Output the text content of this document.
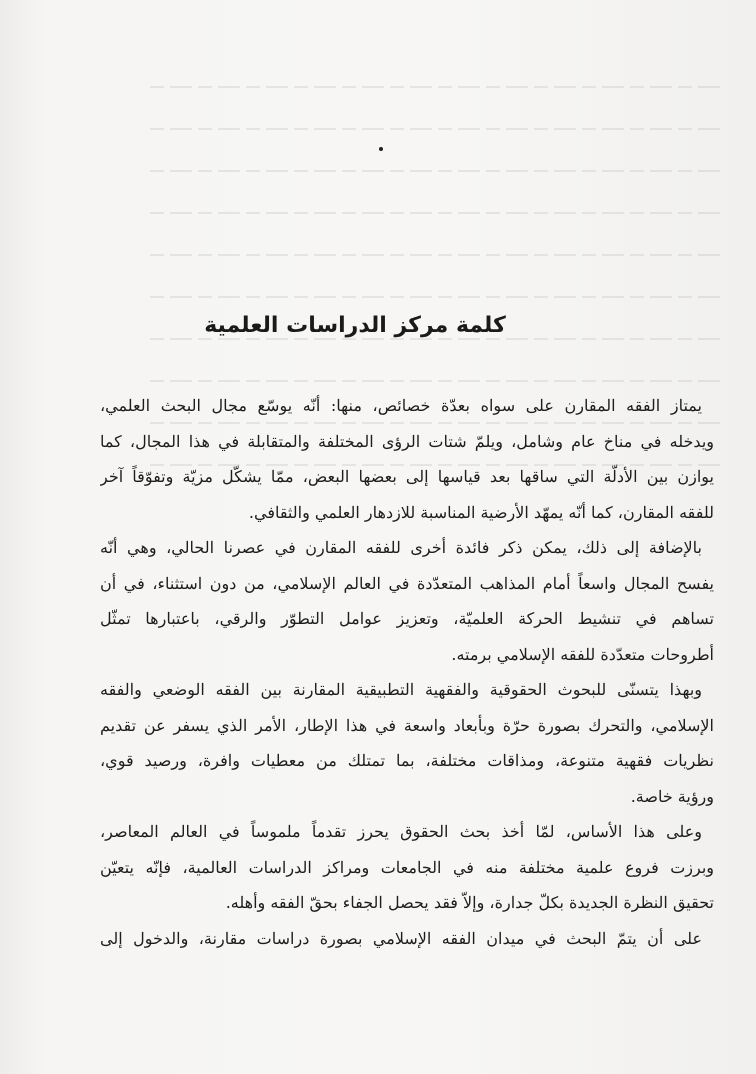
كلمة مركز الدراسات العلمية
يمتاز الفقه المقارن على سواه بعدّة خصائص، منها: أنّه يوسّع مجال البحث العلمي،
ويدخله في مناخ عام وشامل، ويلمّ شتات الرؤى المختلفة والمتقابلة في هذا المجال، كما
يوازن بين الأدلّة التي ساقها بعد قياسها إلى بعضها البعض، ممّا يشكّل مزيّة وتفوّقاً آخر
للفقه المقارن، كما أنّه يمهّد الأرضية المناسبة للازدهار العلمي والثقافي.
بالإضافة إلى ذلك، يمكن ذكر فائدة أخرى للفقه المقارن في عصرنا الحالي، وهي أنّه
يفسح المجال واسعاً أمام المذاهب المتعدّدة في العالم الإسلامي، من دون استثناء، في أن
تساهم في تنشيط الحركة العلميّة، وتعزيز عوامل التطوّر والرقي، باعتبارها تمثّل
أطروحات متعدّدة للفقه الإسلامي برمته.
وبهذا يتسنّى للبحوث الحقوقية والفقهية التطبيقية المقارنة بين الفقه الوضعي والفقه
الإسلامي، والتحرك بصورة حرّة وبأبعاد واسعة في هذا الإطار، الأمر الذي يسفر عن تقديم
نظريات فقهية متنوعة، ومذاقات مختلفة، بما تمتلك من معطيات وافرة، ورصيد قوي،
ورؤية خاصة.
وعلى هذا الأساس، لمّا أخذ بحث الحقوق يحرز تقدماً ملموساً في العالم المعاصر،
وبرزت فروع علمية مختلفة منه في الجامعات ومراكز الدراسات العالمية، فإنّه يتعيّن
تحقيق النظرة الجديدة بكلّ جدارة، وإلاّ فقد يحصل الجفاء بحقّ الفقه وأهله.
على أن يتمّ البحث في ميدان الفقه الإسلامي بصورة دراسات مقارنة، والدخول إلى
